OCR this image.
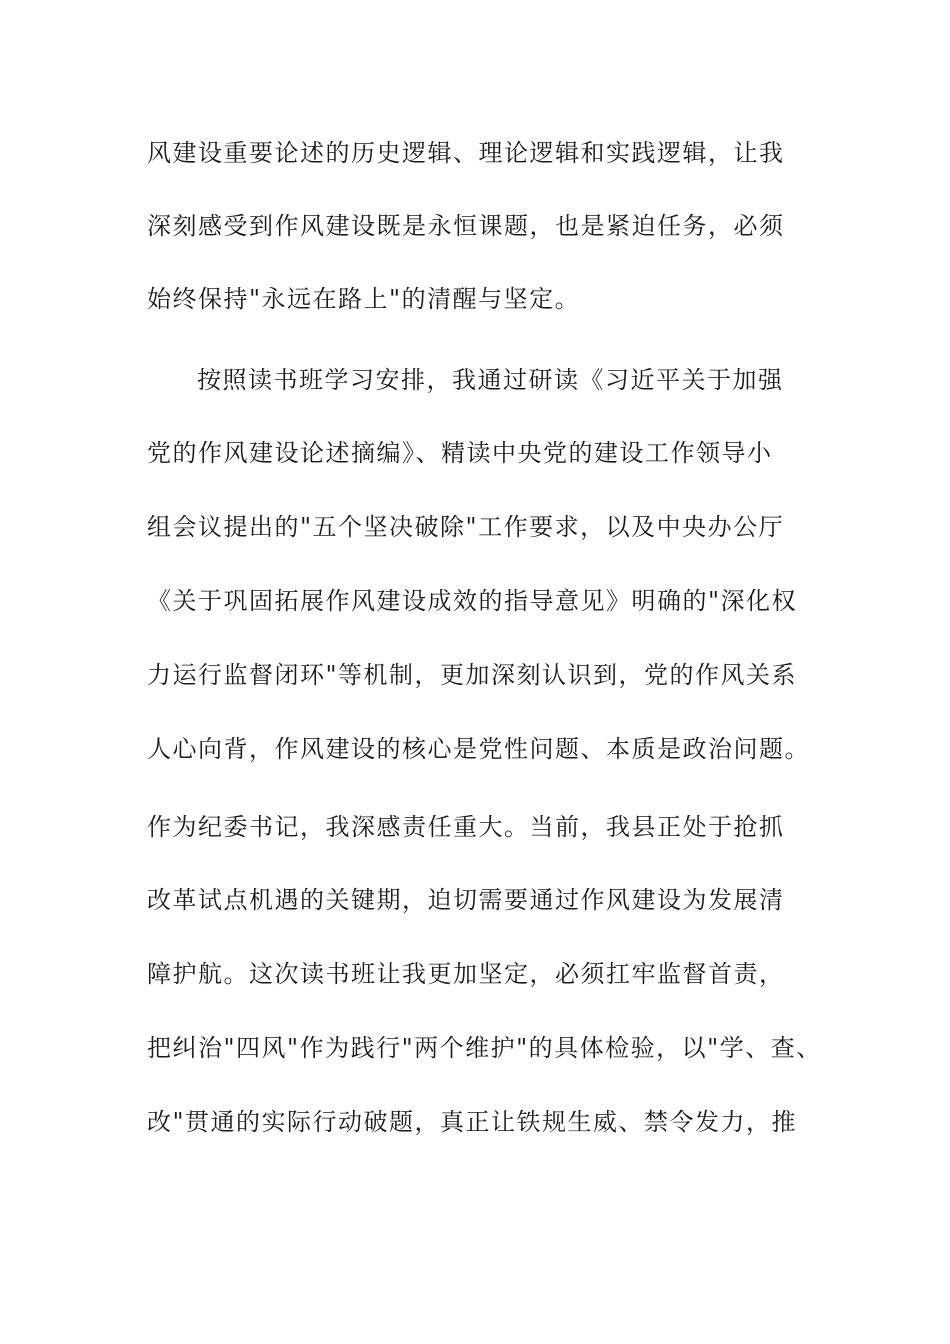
风建设重要论述的历史逻辑、理论逻辑和实践逻辑，让我
深刻感受到作风建设既是永恒课题，也是紧迫任务，必须
始终保持"永远在路上"的清醒与坚定。
按照读书班学习安排，我通过研读《习近平关于加强
党的作风建设论述摘编》、精读中央党的建设工作领导小
组会议提出的"五个坚决破除"工作要求，以及中央办公厅
《关于巩固拓展作风建设成效的指导意见》明确的"深化权
力运行监督闭环"等机制，更加深刻认识到，党的作风关系
人心向背，作风建设的核心是党性问题、本质是政治问题。
作为纪委书记，我深感责任重大。当前，我县正处于抢抓
改革试点机遇的关键期，迫切需要通过作风建设为发展清
障护航。这次读书班让我更加坚定，必须扛牢监督首责，
把纠治"四风"作为践行"两个维护"的具体检验，以"学、查、
改"贯通的实际行动破题，真正让铁规生威、禁令发力，推
